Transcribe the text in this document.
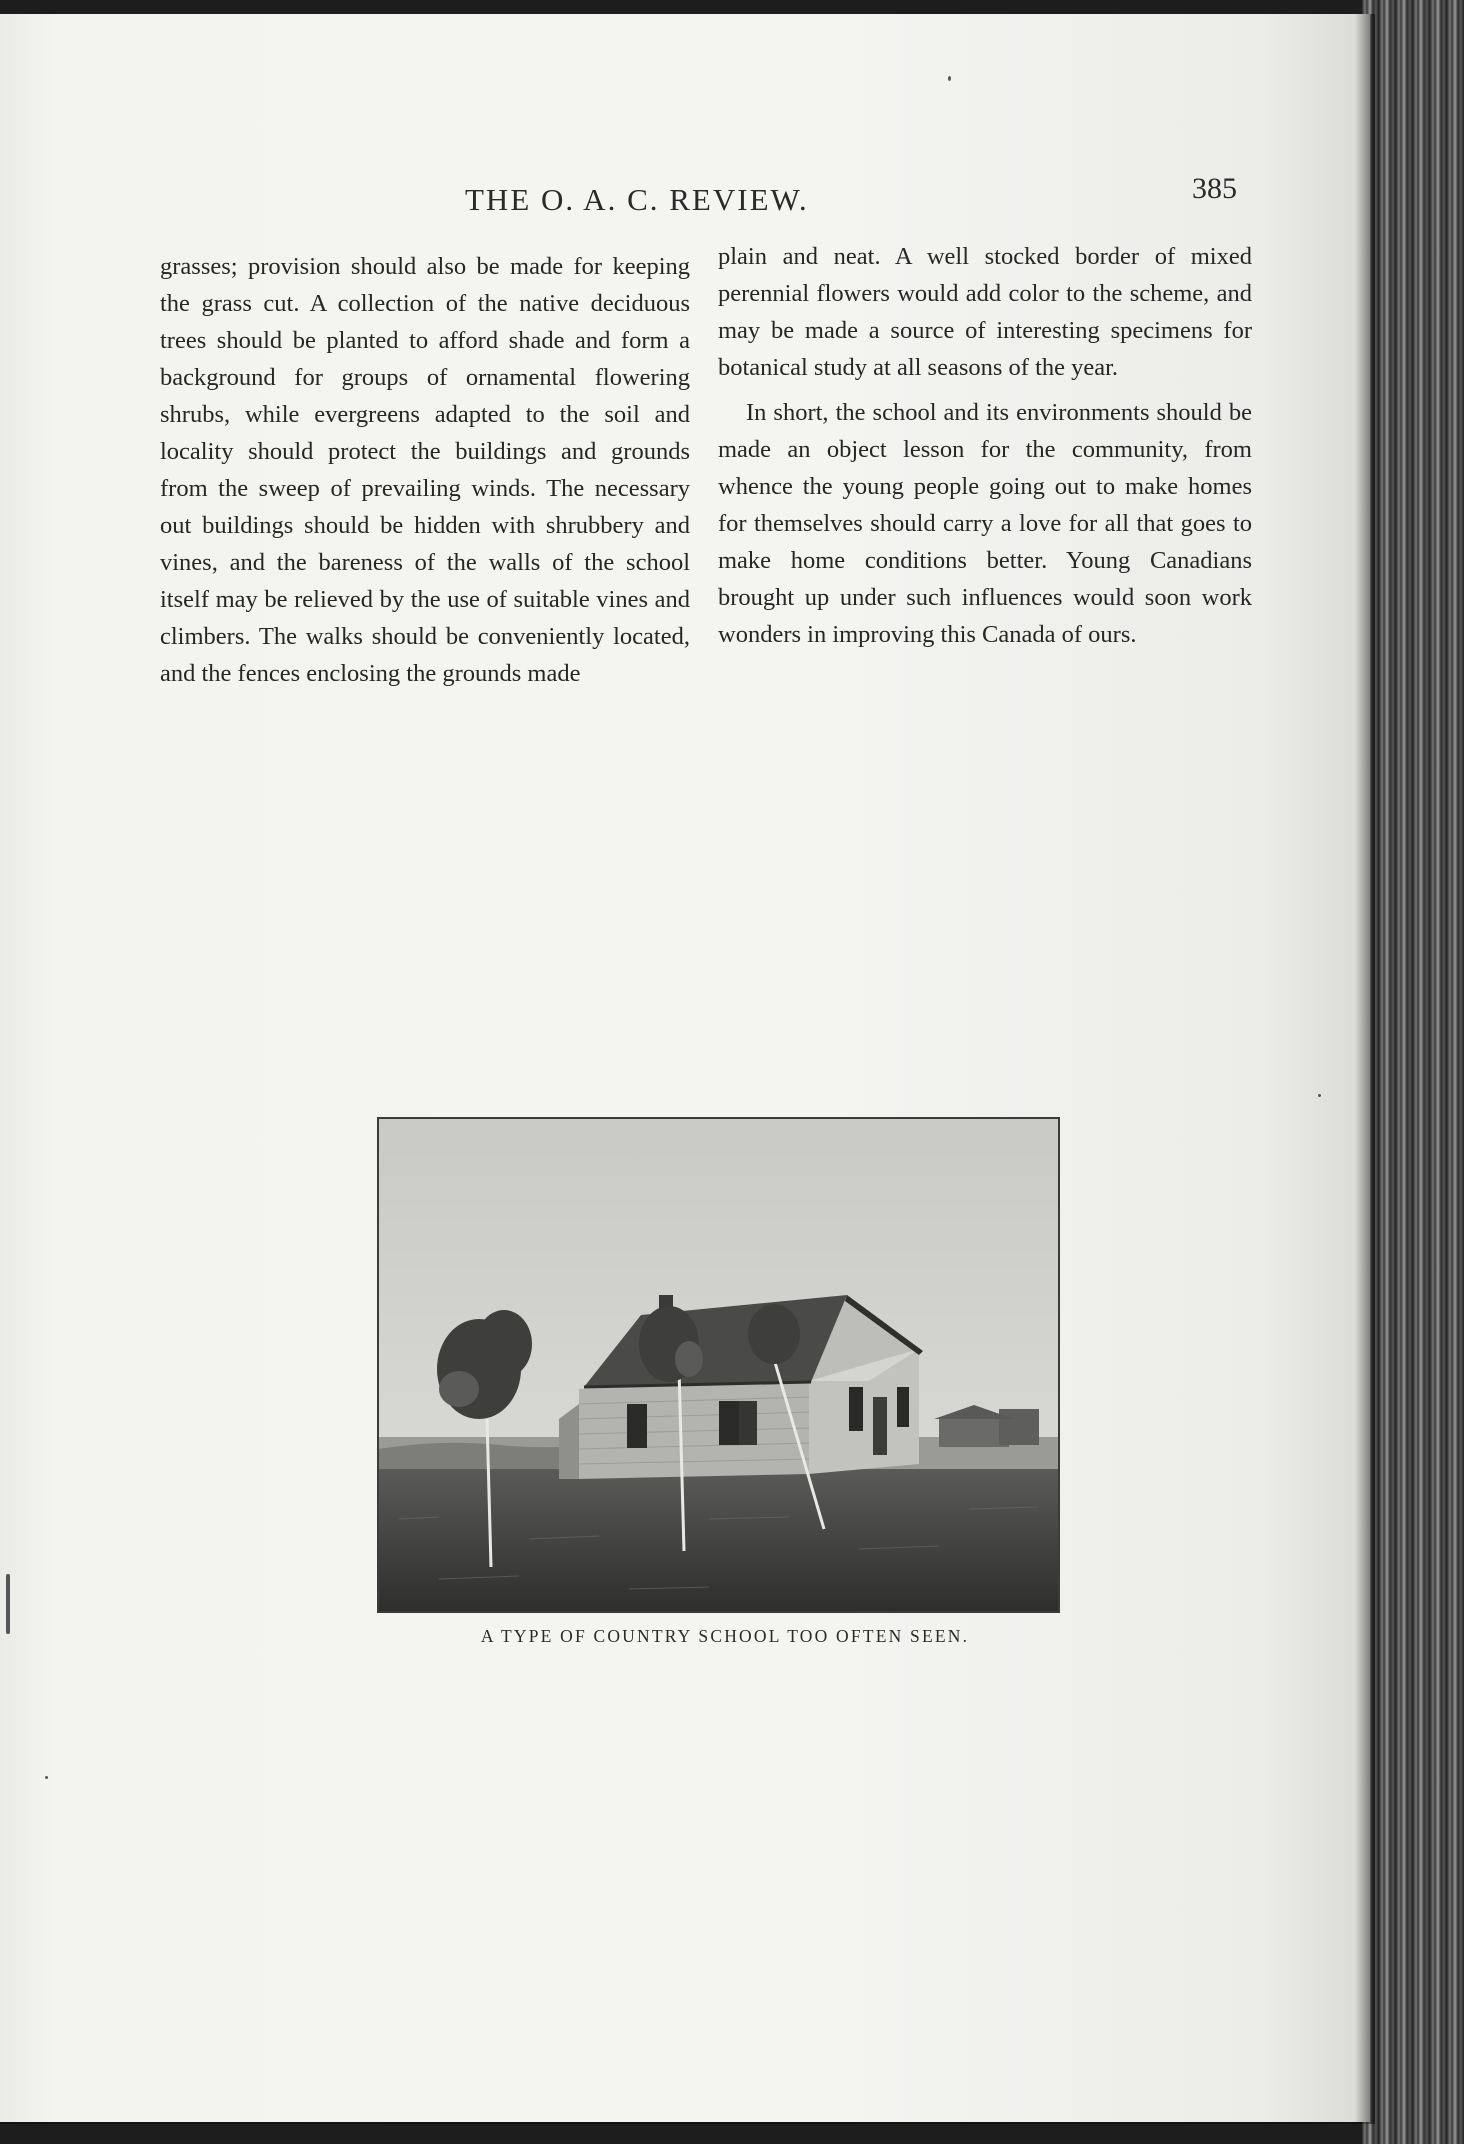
THE O. A. C. REVIEW.	385

grasses; provision should also be made for keeping the grass cut. A collection of the native deciduous trees should be planted to afford shade and form a background for groups of ornamental flowering shrubs, while evergreens adapted to the soil and locality should protect the buildings and grounds from the sweep of prevailing winds. The necessary out buildings should be hidden with shrubbery and vines, and the bareness of the walls of the school itself may be relieved by the use of suitable vines and climbers. The walks should be conveniently located, and the fences enclosing the grounds made

plain and neat. A well stocked border of mixed perennial flowers would add color to the scheme, and may be made a source of interesting specimens for botanical study at all seasons of the year.

In short, the school and its environments should be made an object lesson for the community, from whence the young people going out to make homes for themselves should carry a love for all that goes to make home conditions better. Young Canadians brought up under such influences would soon work wonders in improving this Canada of ours.

A TYPE OF COUNTRY SCHOOL TOO OFTEN SEEN.
